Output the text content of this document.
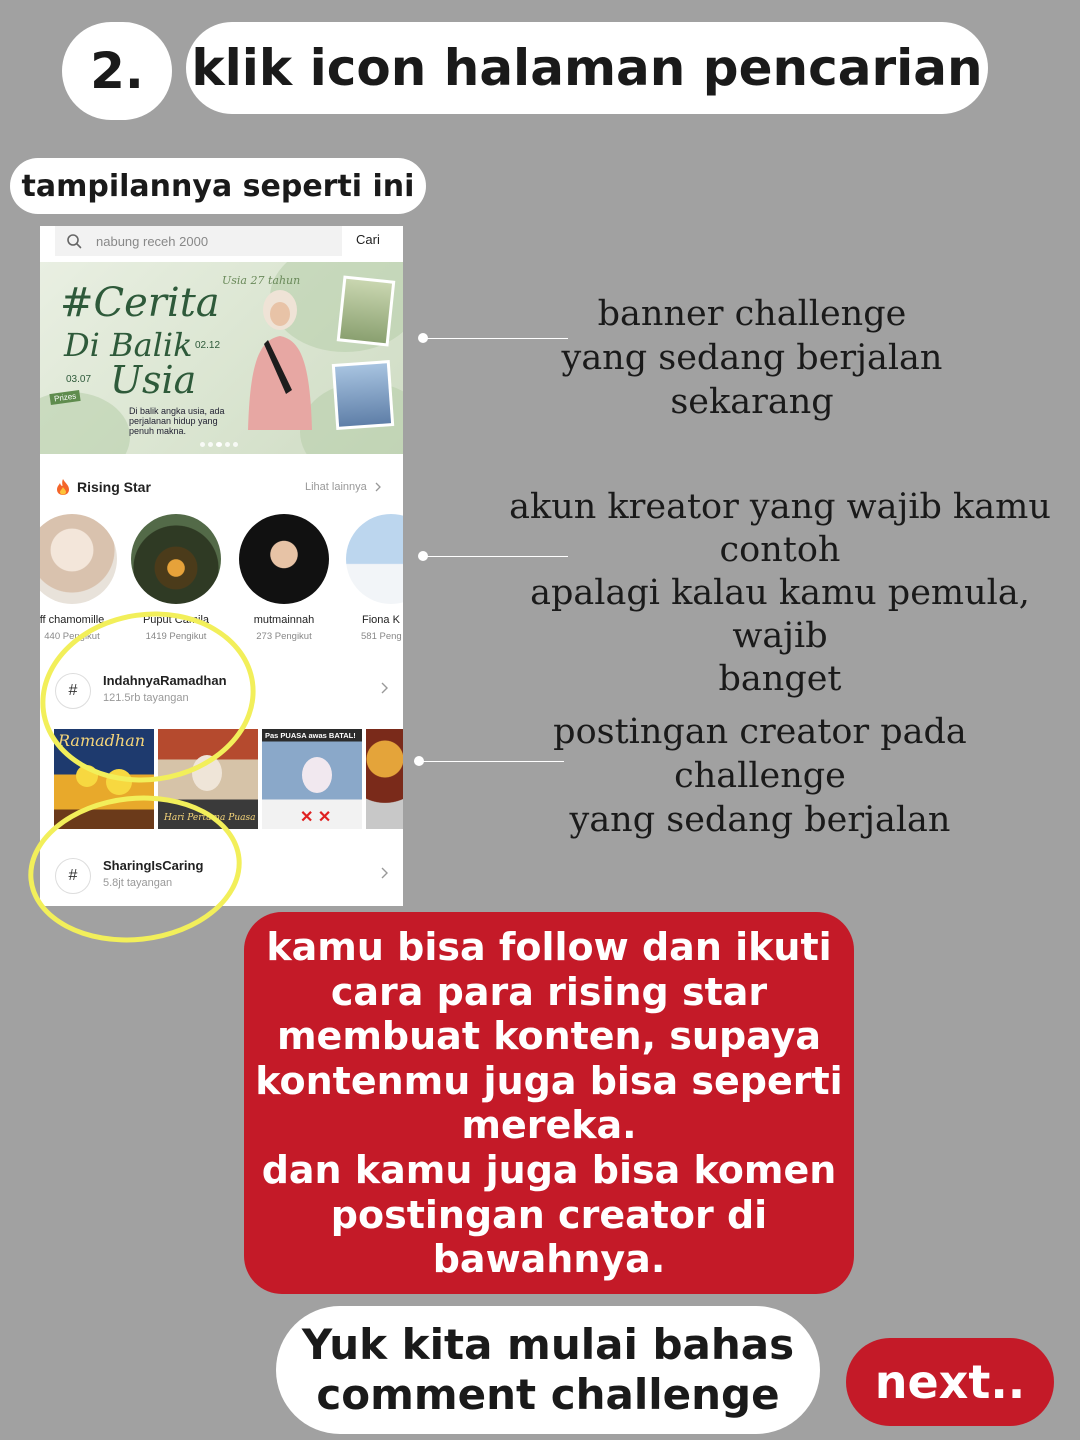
2. klik icon halaman pencarian
tampilannya seperti ini
nabung receh 2000	Cari
Usia 27 tahun
#Cerita
Di Balik 02.12
03.07 Usia
Prizes
Di balik angka usia, ada perjalanan hidup yang penuh makna.
Rising Star	Lihat lainnya
ff chamomille
440 Pengikut
Puput Camila
1419 Pengikut
mutmainnah
273 Pengikut
Fiona K
581 Peng
#
IndahnyaRamadhan
121.5rb tayangan
Ramadhan
Hari Pertama Puasa
Pas PUASA awas BATAL!
✕ ✕
#
SharingIsCaring
5.8jt tayangan
banner challenge
yang sedang berjalan sekarang
akun kreator yang wajib kamu
contoh
apalagi kalau kamu pemula, wajib
banget
postingan creator pada challenge
yang sedang berjalan
kamu bisa follow dan ikuti
cara para rising star
membuat konten, supaya
kontenmu juga bisa seperti
mereka.
dan kamu juga bisa komen
postingan creator di
bawahnya.
Yuk kita mulai bahas
comment challenge	next..
